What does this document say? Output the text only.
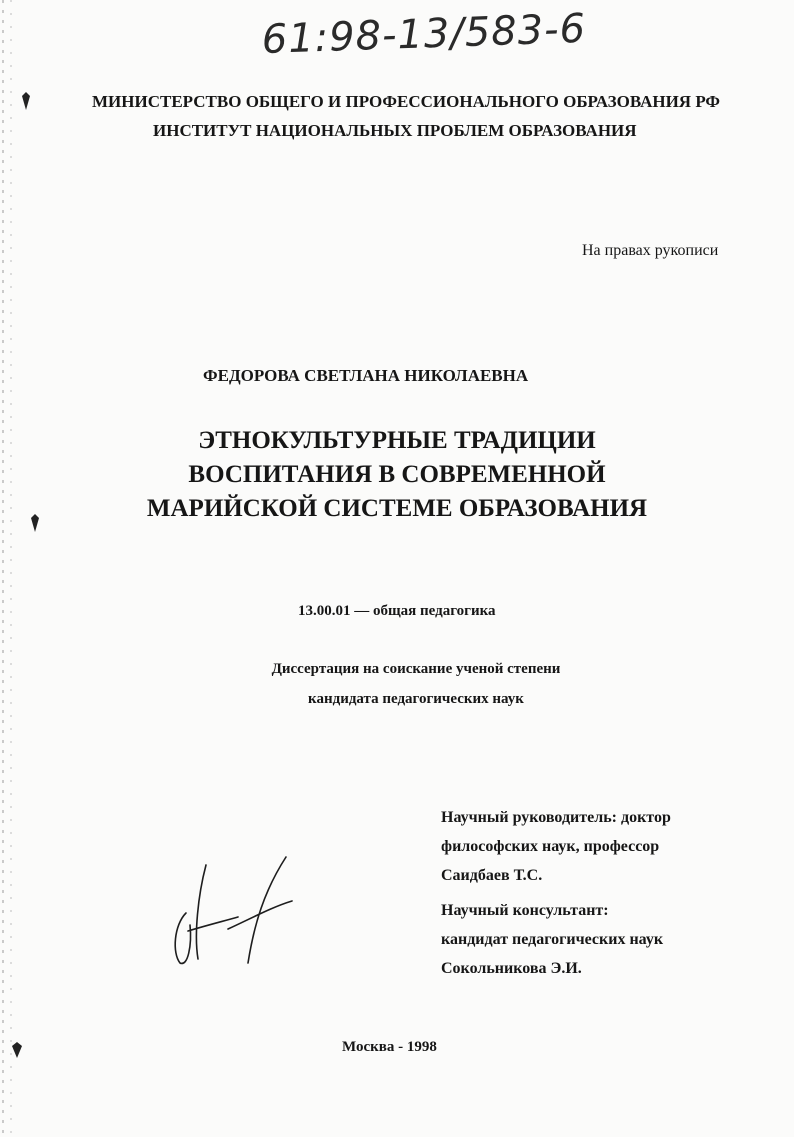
61:98-13/583-6
МИНИСТЕРСТВО ОБЩЕГО И ПРОФЕССИОНАЛЬНОГО ОБРАЗОВАНИЯ РФ
ИНСТИТУТ НАЦИОНАЛЬНЫХ ПРОБЛЕМ ОБРАЗОВАНИЯ
На правах рукописи
ФЕДОРОВА СВЕТЛАНА НИКОЛАЕВНА
ЭТНОКУЛЬТУРНЫЕ ТРАДИЦИИ
ВОСПИТАНИЯ В СОВРЕМЕННОЙ
МАРИЙСКОЙ СИСТЕМЕ ОБРАЗОВАНИЯ
13.00.01 — общая педагогика
Диссертация на соискание ученой степени
кандидата педагогических наук
Научный руководитель: доктор
философских наук, профессор
Саидбаев Т.С.
Научный консультант:
кандидат педагогических наук
Сокольникова Э.И.
Москва - 1998
